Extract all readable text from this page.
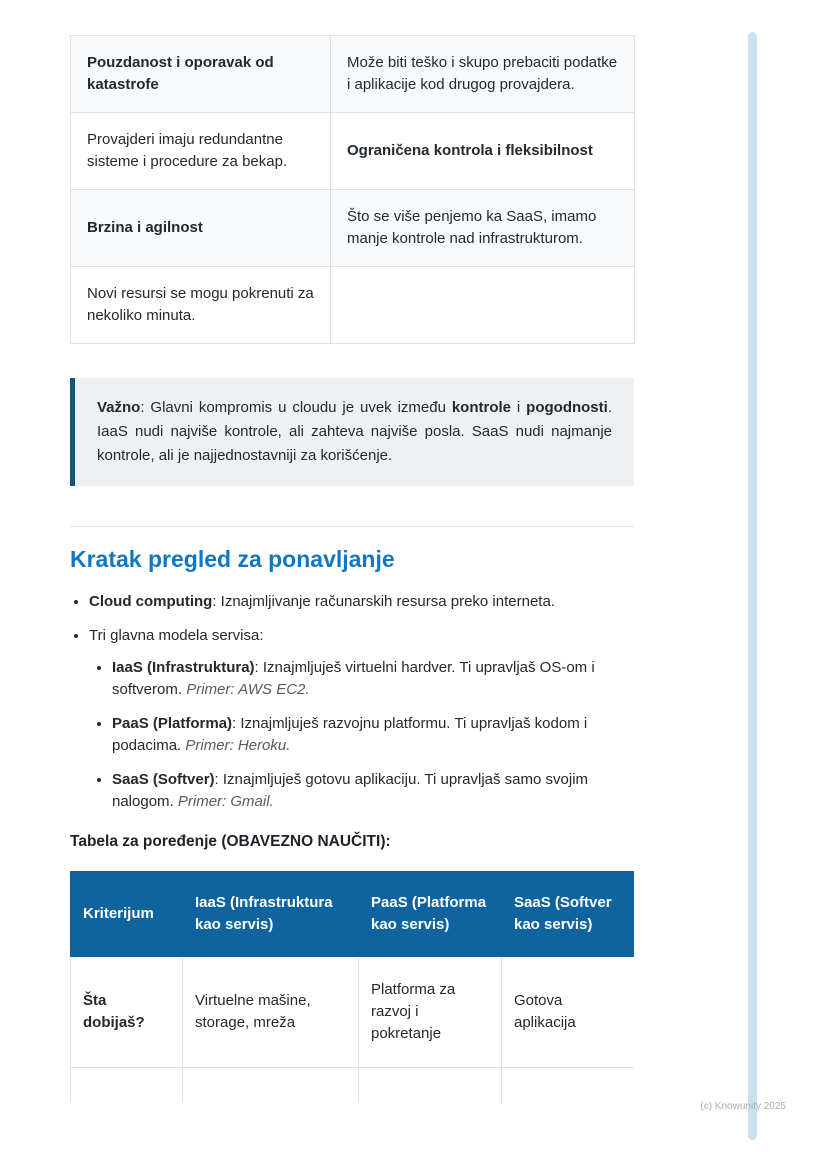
Pouzdanost i oporavak od katastrofe	Može biti teško i skupo prebaciti podatke i aplikacije kod drugog provajdera.
Provajderi imaju redundantne sisteme i procedure za bekap.	Ograničena kontrola i fleksibilnost
Brzina i agilnost	Što se više penjemo ka SaaS, imamo manje kontrole nad infrastrukturom.
Novi resursi se mogu pokrenuti za nekoliko minuta.	

Važno: Glavni kompromis u cloudu je uvek između kontrole i pogodnosti. IaaS nudi najviše kontrole, ali zahteva najviše posla. SaaS nudi najmanje kontrole, ali je najjednostavniji za korišćenje.

Kratak pregled za ponavljanje
• Cloud computing: Iznajmljivanje računarskih resursa preko interneta.
• Tri glavna modela servisa:
• IaaS (Infrastruktura): Iznajmljuješ virtuelni hardver. Ti upravljaš OS-om i softverom. Primer: AWS EC2.
• PaaS (Platforma): Iznajmljuješ razvojnu platformu. Ti upravljaš kodom i podacima. Primer: Heroku.
• SaaS (Softver): Iznajmljuješ gotovu aplikaciju. Ti upravljaš samo svojim nalogom. Primer: Gmail.

Tabela za poređenje (OBAVEZNO NAUČITI):

Kriterijum	IaaS (Infrastruktura kao servis)	PaaS (Platforma kao servis)	SaaS (Softver kao servis)
Šta dobijaš?	Virtuelne mašine, storage, mreža	Platforma za razvoj i pokretanje	Gotova aplikacija

(c) Knowunity 2025
